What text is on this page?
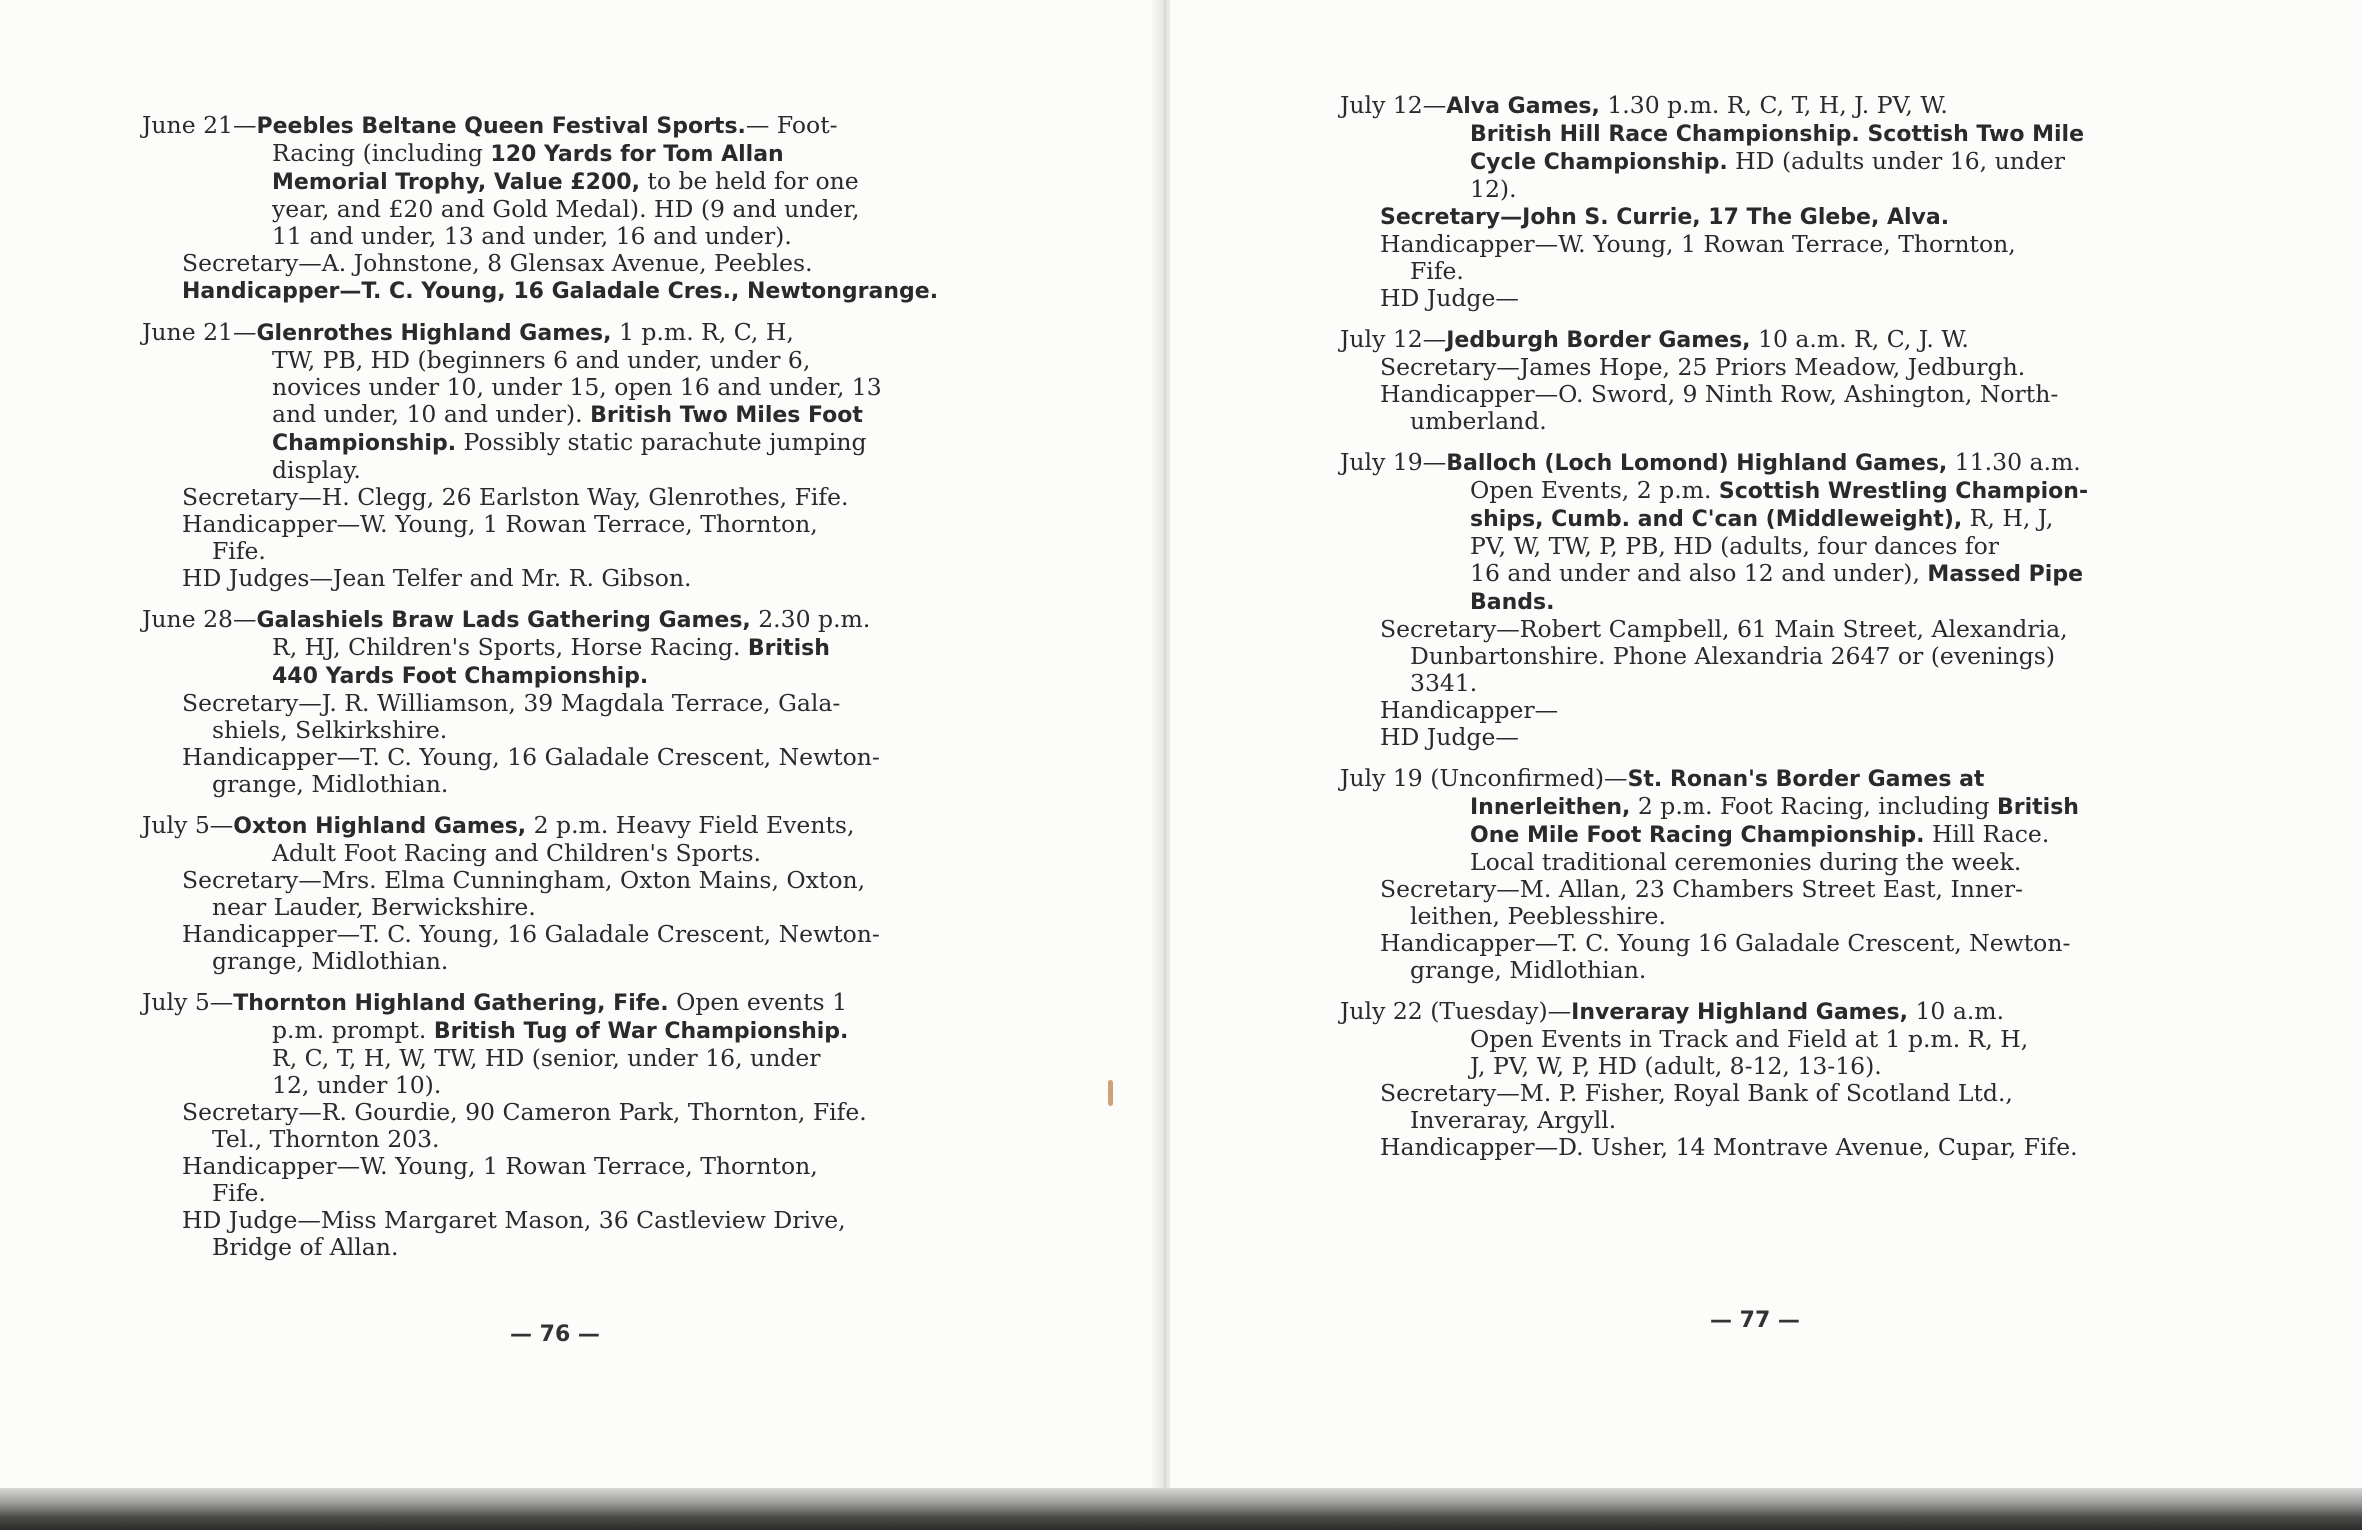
June 21—Peebles Beltane Queen Festival Sports.— Foot-
Racing (including 120 Yards for Tom Allan
Memorial Trophy, Value £200, to be held for one
year, and £20 and Gold Medal). HD (9 and under,
11 and under, 13 and under, 16 and under).
Secretary—A. Johnstone, 8 Glensax Avenue, Peebles.
Handicapper—T. C. Young, 16 Galadale Cres., Newtongrange.
June 21—Glenrothes Highland Games, 1 p.m. R, C, H,
TW, PB, HD (beginners 6 and under, under 6,
novices under 10, under 15, open 16 and under, 13
and under, 10 and under). British Two Miles Foot
Championship. Possibly static parachute jumping
display.
Secretary—H. Clegg, 26 Earlston Way, Glenrothes, Fife.
Handicapper—W. Young, 1 Rowan Terrace, Thornton,
Fife.
HD Judges—Jean Telfer and Mr. R. Gibson.
June 28—Galashiels Braw Lads Gathering Games, 2.30 p.m.
R, HJ, Children's Sports, Horse Racing. British
440 Yards Foot Championship.
Secretary—J. R. Williamson, 39 Magdala Terrace, Gala-
shiels, Selkirkshire.
Handicapper—T. C. Young, 16 Galadale Crescent, Newton-
grange, Midlothian.
July 5—Oxton Highland Games, 2 p.m. Heavy Field Events,
Adult Foot Racing and Children's Sports.
Secretary—Mrs. Elma Cunningham, Oxton Mains, Oxton,
near Lauder, Berwickshire.
Handicapper—T. C. Young, 16 Galadale Crescent, Newton-
grange, Midlothian.
July 5—Thornton Highland Gathering, Fife. Open events 1
p.m. prompt. British Tug of War Championship.
R, C, T, H, W, TW, HD (senior, under 16, under
12, under 10).
Secretary—R. Gourdie, 90 Cameron Park, Thornton, Fife.
Tel., Thornton 203.
Handicapper—W. Young, 1 Rowan Terrace, Thornton,
Fife.
HD Judge—Miss Margaret Mason, 36 Castleview Drive,
Bridge of Allan.
— 76 —
July 12—Alva Games, 1.30 p.m. R, C, T, H, J. PV, W.
British Hill Race Championship. Scottish Two Mile
Cycle Championship. HD (adults under 16, under
12).
Secretary—John S. Currie, 17 The Glebe, Alva.
Handicapper—W. Young, 1 Rowan Terrace, Thornton,
Fife.
HD Judge—
July 12—Jedburgh Border Games, 10 a.m. R, C, J. W.
Secretary—James Hope, 25 Priors Meadow, Jedburgh.
Handicapper—O. Sword, 9 Ninth Row, Ashington, North-
umberland.
July 19—Balloch (Loch Lomond) Highland Games, 11.30 a.m.
Open Events, 2 p.m. Scottish Wrestling Champion-
ships, Cumb. and C'can (Middleweight), R, H, J,
PV, W, TW, P, PB, HD (adults, four dances for
16 and under and also 12 and under), Massed Pipe
Bands.
Secretary—Robert Campbell, 61 Main Street, Alexandria,
Dunbartonshire. Phone Alexandria 2647 or (evenings)
3341.
Handicapper—
HD Judge—
July 19 (Unconfirmed)—St. Ronan's Border Games at
Innerleithen, 2 p.m. Foot Racing, including British
One Mile Foot Racing Championship. Hill Race.
Local traditional ceremonies during the week.
Secretary—M. Allan, 23 Chambers Street East, Inner-
leithen, Peeblesshire.
Handicapper—T. C. Young 16 Galadale Crescent, Newton-
grange, Midlothian.
July 22 (Tuesday)—Inveraray Highland Games, 10 a.m.
Open Events in Track and Field at 1 p.m. R, H,
J, PV, W, P, HD (adult, 8-12, 13-16).
Secretary—M. P. Fisher, Royal Bank of Scotland Ltd.,
Inveraray, Argyll.
Handicapper—D. Usher, 14 Montrave Avenue, Cupar, Fife.
— 77 —
